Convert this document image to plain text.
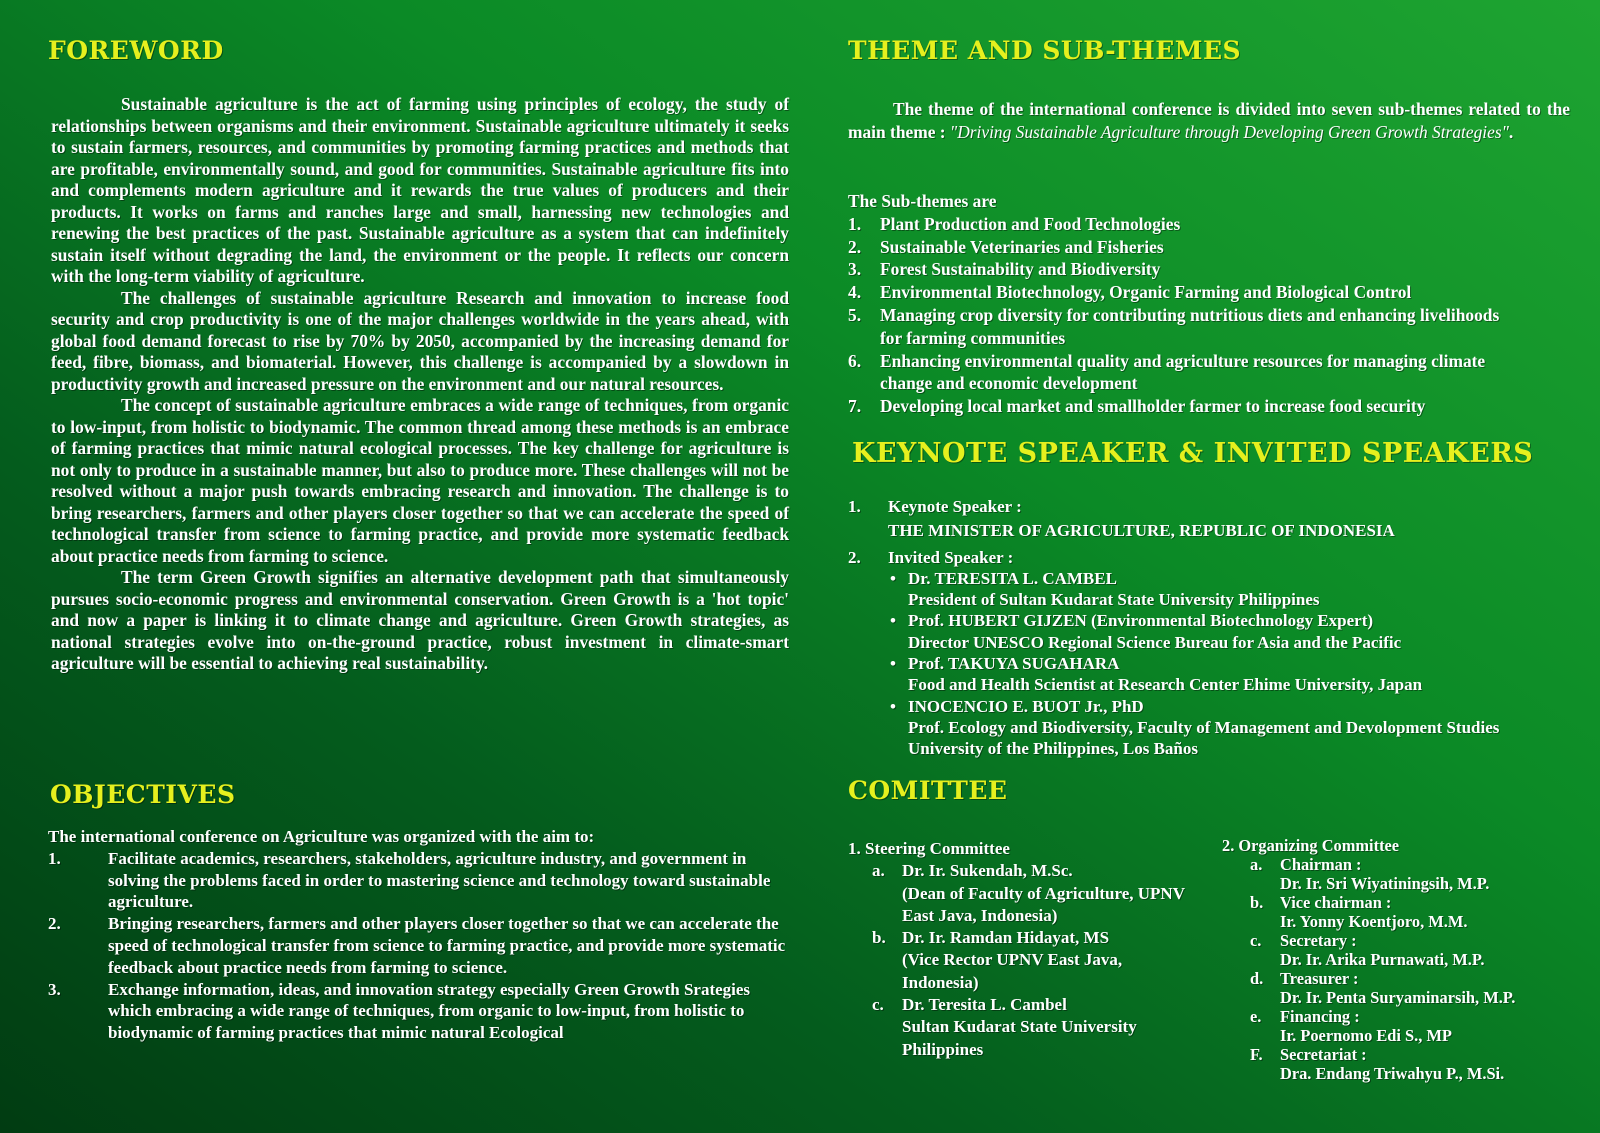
FOREWORD

Sustainable agriculture is the act of farming using principles of ecology, the study of relationships between organisms and their environment. Sustainable agriculture ultimately it seeks to sustain farmers, resources, and communities by promoting farming practices and methods that are profitable, environmentally sound, and good for communities. Sustainable agriculture fits into and complements modern agriculture and it rewards the true values of producers and their products. It works on farms and ranches large and small, harnessing new technologies and renewing the best practices of the past. Sustainable agriculture as a system that can indefinitely sustain itself without degrading the land, the environment or the people. It reflects our concern with the long-term viability of agriculture.

The challenges of sustainable agriculture Research and innovation to increase food security and crop productivity is one of the major challenges worldwide in the years ahead, with global food demand forecast to rise by 70% by 2050, accompanied by the increasing demand for feed, fibre, biomass, and biomaterial. However, this challenge is accompanied by a slowdown in productivity growth and increased pressure on the environment and our natural resources.

The concept of sustainable agriculture embraces a wide range of techniques, from organic to low-input, from holistic to biodynamic. The common thread among these methods is an embrace of farming practices that mimic natural ecological processes. The key challenge for agriculture is not only to produce in a sustainable manner, but also to produce more. These challenges will not be resolved without a major push towards embracing research and innovation. The challenge is to bring researchers, farmers and other players closer together so that we can accelerate the speed of technological transfer from science to farming practice, and provide more systematic feedback about practice needs from farming to science.

The term Green Growth signifies an alternative development path that simultaneously pursues socio-economic progress and environmental conservation. Green Growth is a 'hot topic' and now a paper is linking it to climate change and agriculture. Green Growth strategies, as national strategies evolve into on-the-ground practice, robust investment in climate-smart agriculture will be essential to achieving real sustainability.

OBJECTIVES
The international conference on Agriculture was organized with the aim to:
1.	Facilitate academics, researchers, stakeholders, agriculture industry, and government in solving the problems faced in order to mastering science and technology toward sustainable agriculture.
2.	Bringing researchers, farmers and other players closer together so that we can accelerate the speed of technological transfer from science to farming practice, and provide more systematic feedback about practice needs from farming to science.
3.	Exchange information, ideas, and innovation strategy especially Green Growth Srategies which embracing a wide range of techniques, from organic to low-input, from holistic to biodynamic of farming practices that mimic natural Ecological
THEME AND SUB-THEMES
The theme of the international conference is divided into seven sub-themes related to the main theme : "Driving Sustainable Agriculture through Developing Green Growth Strategies".
The Sub-themes are
1.	Plant Production and Food Technologies
2.	Sustainable Veterinaries and Fisheries
3.	Forest Sustainability and Biodiversity
4.	Environmental Biotechnology, Organic Farming and Biological Control
5.	Managing crop diversity for contributing nutritious diets and enhancing livelihoods for farming communities
6.	Enhancing environmental quality and agriculture resources for managing climate change and economic development
7.	Developing local market and smallholder farmer to increase food security
KEYNOTE SPEAKER & INVITED SPEAKERS
1.	Keynote Speaker :
THE MINISTER OF AGRICULTURE, REPUBLIC OF INDONESIA
2.	Invited Speaker :
• Dr. TERESITA L. CAMBEL
President of Sultan Kudarat State University Philippines
• Prof. HUBERT GIJZEN (Environmental Biotechnology Expert)
Director UNESCO Regional Science Bureau for Asia and the Pacific
• Prof. TAKUYA SUGAHARA
Food and Health Scientist at Research Center Ehime University, Japan
• INOCENCIO E. BUOT Jr., PhD
Prof. Ecology and Biodiversity, Faculty of Management and Devolopment Studies University of the Philippines, Los Baños
COMITTEE
1. Steering Committee
a.	Dr. Ir. Sukendah, M.Sc.
(Dean of Faculty of Agriculture, UPNV East Java, Indonesia)
b. Dr. Ir. Ramdan Hidayat, MS
(Vice Rector UPNV East Java, Indonesia)
c.	Dr. Teresita L. Cambel
Sultan Kudarat State University Philippines
2. Organizing Committee
a.	Chairman :
Dr. Ir. Sri Wiyatiningsih, M.P.
b.	Vice chairman :
Ir. Yonny Koentjoro, M.M.
c.	Secretary :
Dr. Ir. Arika Purnawati, M.P.
d.	Treasurer :
Dr. Ir. Penta Suryaminarsih, M.P.
e.	Financing :
Ir. Poernomo Edi S., MP
F.	Secretariat :
Dra. Endang Triwahyu P., M.Si.
